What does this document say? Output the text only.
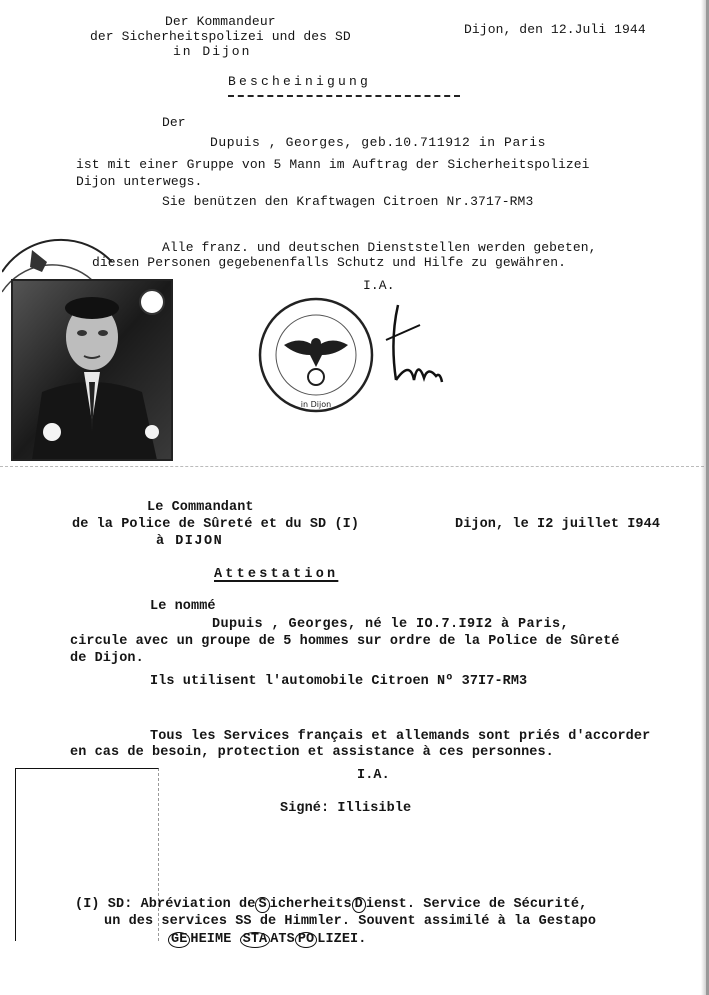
Der Kommandeur
der Sicherheitspolizei und des SD
in Dijon
Dijon, den 12.Juli 1944
Bescheinigung
Der
Dupuis , Georges, geb.10.711912 in Paris
ist mit einer Gruppe von 5 Mann im Auftrag der Sicherheitspolizei
Dijon unterwegs.
Sie benützen den Kraftwagen Citroen Nr.3717-RM3
Alle franz. und deutschen Dienststellen werden gebeten,
diesen Personen gegebenenfalls Schutz und Hilfe zu gewähren.
I.A.
in Dijon
Le Commandant
de la Police de Sûreté et du SD (I)
à DIJON
Dijon, le I2 juillet I944
Attestation
Le nommé
Dupuis , Georges, né le IO.7.I9I2 à Paris,
circule avec un groupe de 5 hommes sur ordre de la Police de Sûreté
de Dijon.
Ils utilisent l'automobile Citroen Nº 37I7-RM3
Tous les Services français et allemands sont priés d'accorder
en cas de besoin, protection et assistance à ces personnes.
I.A.
Signé: Illisible
(I) SD: Abréviation de S icherheits D ienst. Service de Sécurité,
un des services SS de Himmler. Souvent assimilé à la Gestapo
GE HEIME STA ATS PO LIZEI.
